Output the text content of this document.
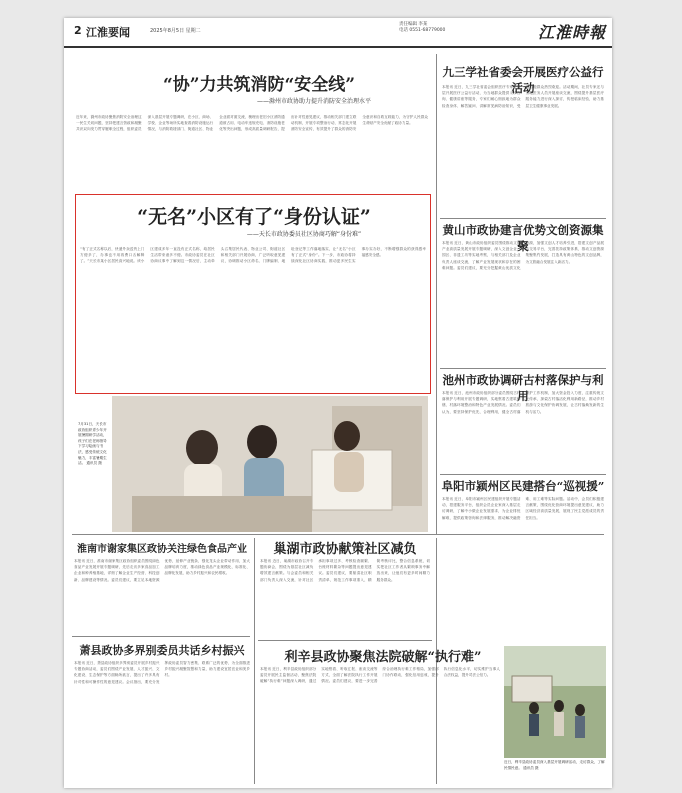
2 江淮要闻	2025年8月5日 星期二
责任编辑 李某
电话 0551-68779000	江淮時報
“协”力共筑消防“安全线”
——滁州市政协助力提升消防安全治理水平
近年来，滁州市政协聚焦消防安全治理这一民生关切问题，坚持把建言资政和凝聚共识双向发力贯穿履职全过程，组织委员深入基层开展专题调研，在小区、商场、学校、企业等场所实地查看消防设施运行情况，与消防救援部门、街道社区、物业企业面对面交流，梳理出老旧小区消防通道被占用、电动车违规充电、消防设施老化等突出问题，形成高质量调研报告，提出针对性意见建议，推动相关部门建立联动机制，开展专项整治行动，常态化开展消防安全宣传，有效提升了群众的消防安全意识和自救互救能力，为守护人民群众生命财产安全贡献了政协力量。
九三学社省委会开展医疗公益行活动
本报讯 近日，九三学社省委会组织医疗专家赴基层开展医疗公益行活动，为当地群众提供义诊咨询、健康讲座等服务，专家们耐心细致地为群众检查身体、解答疑问、讲解常见病防治知识，受到当地群众热烈欢迎。活动期间，社员专家还与当地医务人员开展座谈交流，围绕提升基层医疗服务能力进行深入探讨，传授临床经验，助力基层卫生健康事业发展。
“无名”小区有了“身份认证”
——天长市政协委员社区协商巧解“身份难”
“有了正式名称以后，快递外卖送货上门方便多了，办事也不用再费口舌解释了。”天长市某小区居民高兴地说。该小区建成多年一直没有正式名称，给居民生活带来诸多不便。市政协委员在社区协商议事中了解到这一情况后，主动牵头召集居民代表、物业公司、街道社区和相关部门开展协商，广泛听取意见建议，协调推动小区命名、门牌编制、地址登记等工作落地落实，让“无名”小区有了正式“身份”。下一步，市政协将持续深化社区协商实践，推动更多民生实事办实办好，不断增强群众的获得感幸福感安全感。
7月31日，天长市政协组织青少年开展暑期研学活动，孩子们在老师指导下学习绘画与书法，感受传统文化魅力，丰富暑期生活。 通讯员 摄
黄山市政协建言优势文创资源集聚
本报讯 近日，黄山市政协组织委员围绕推动文创产业高质量发展开展专题调研，深入文创企业、园区、非遗工坊等实地考察，与相关部门及企业负责人座谈交流，了解产业发展现状和存在的困难问题。委员们建议，要充分挖掘黄山优质文化资源，加强文创人才培养引进，搭建文创产品展示交易平台，完善扶持政策体系，推动文创资源集聚集约发展，打造具有黄山特色的文创品牌，为文旅融合发展注入新活力。
池州市政协调研古村落保护与利用
本报讯 近日，池州市政协组织部分委员围绕古村落保护与利用开展专题调研，实地察看古建筑修缮、村落环境整治和特色产业发展情况。委员们认为，要坚持保护优先、合理利用，健全古村落保护工作机制，加大资金投入力度，注重传统文化传承，探索古村落活化利用新路径，推动乡村旅游与文化保护协调发展，让古村落焕发新的生机与活力。
阜阳市颍州区民建搭台“巡视援”
本报讯 近日，阜阳市颍州区民建组织开展专题活动，搭建服务平台，组织会员企业家深入基层走访调研，了解中小微企业发展需求，为企业排忧解难，提供政策咨询和法律服务，推动解决融资难、用工难等实际问题。活动中，会员们积极建言献策，围绕优化营商环境提出意见建议，助力区域经济高质量发展，展现了民主党派成员的责任担当。
淮南市谢家集区政协关注绿色食品产业
本报讯 近日，淮南市谢家集区政协组织委员围绕绿色食品产业发展开展专题调研，先后走访多家食品加工企业和种养殖基地，详细了解企业生产经营、科技创新、品牌建设等情况。委员们建议，要立足本地资源优势，延伸产业链条，强化龙头企业带动作用，加大品牌培育力度，推动绿色食品产业规模化、标准化、品牌化发展，助力乡村振兴和农民增收。
巢湖市政协献策社区减负
本报讯 近日，巢湖市政协召开专题协商会，围绕为基层社区减负增效建言献策。与会委员和相关部门负责人深入交流，针对社区承担事项过多、考核检查频繁、台账材料繁杂等问题提出意见建议。委员们建议，要厘清社区职责清单，规范工作事项准入，精简考核评比，整合信息系统，切实把社区工作者从繁琐事务中解放出来，让他们有更多时间精力服务群众。
萧县政协多界别委员共话乡村振兴
本报讯 近日，萧县政协组织多界别委员开展乡村振兴专题协商活动，委员们围绕产业发展、人才振兴、文化建设、生态保护等方面畅所欲言，提出了许多具有针对性和可操作性的意见建议。会议指出，要充分发挥政协委员智力密集、联系广泛的优势，为全面推进乡村振兴凝聚智慧和力量，助力建设宜居宜业和美乡村。
利辛县政协聚焦法院破解“执行难”
本报讯 近日，利辛县政协组织部分委员开展民主监督活动，聚焦法院破解“执行难”问题深入调研，通过实地察看、听取汇报、座谈交流等方式，全面了解法院执行工作开展情况。委员们建议，要进一步完善综合治理执行难工作格局，加强部门协作联动，强化信用惩戒，提升执行信息化水平，切实维护当事人合法权益，提升司法公信力。
近日，利辛县政协委员深入基层开展调研活动，走访群众，了解民情民意。 通讯员 摄
